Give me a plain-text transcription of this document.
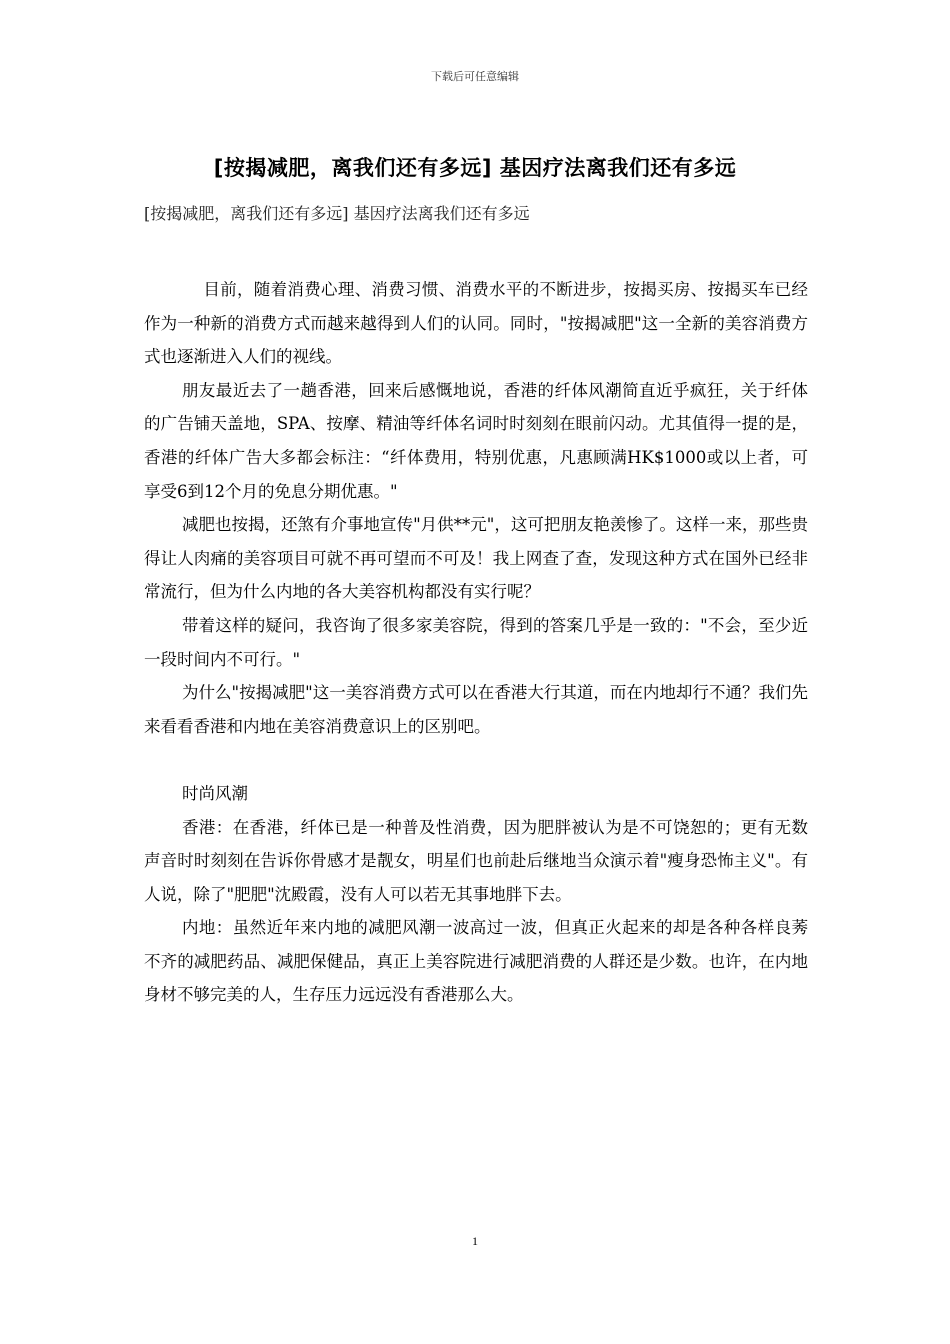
下载后可任意编辑
[按揭减肥，离我们还有多远] 基因疗法离我们还有多远
[按揭减肥，离我们还有多远] 基因疗法离我们还有多远

目前，随着消费心理、消费习惯、消费水平的不断进步，按揭买房、按揭买车已经作为一种新的消费方式而越来越得到人们的认同。同时，"按揭减肥"这一全新的美容消费方式也逐渐进入人们的视线。

朋友最近去了一趟香港，回来后感慨地说，香港的纤体风潮简直近乎疯狂，关于纤体的广告铺天盖地，SPA、按摩、精油等纤体名词时时刻刻在眼前闪动。尤其值得一提的是，香港的纤体广告大多都会标注：“纤体费用，特别优惠，凡惠顾满HK$1000或以上者，可享受6到12个月的免息分期优惠。"

减肥也按揭，还煞有介事地宣传"月供**元"，这可把朋友艳羡惨了。这样一来，那些贵得让人肉痛的美容项目可就不再可望而不可及！我上网查了查，发现这种方式在国外已经非常流行，但为什么内地的各大美容机构都没有实行呢？

带着这样的疑问，我咨询了很多家美容院，得到的答案几乎是一致的："不会，至少近一段时间内不可行。"

为什么"按揭减肥"这一美容消费方式可以在香港大行其道，而在内地却行不通？我们先来看看香港和内地在美容消费意识上的区别吧。

时尚风潮

香港：在香港，纤体已是一种普及性消费，因为肥胖被认为是不可饶恕的；更有无数声音时时刻刻在告诉你骨感才是靓女，明星们也前赴后继地当众演示着"瘦身恐怖主义"。有人说，除了"肥肥"沈殿霞，没有人可以若无其事地胖下去。

内地：虽然近年来内地的减肥风潮一波高过一波，但真正火起来的却是各种各样良莠不齐的减肥药品、减肥保健品，真正上美容院进行减肥消费的人群还是少数。也许，在内地身材不够完美的人，生存压力远远没有香港那么大。

1
